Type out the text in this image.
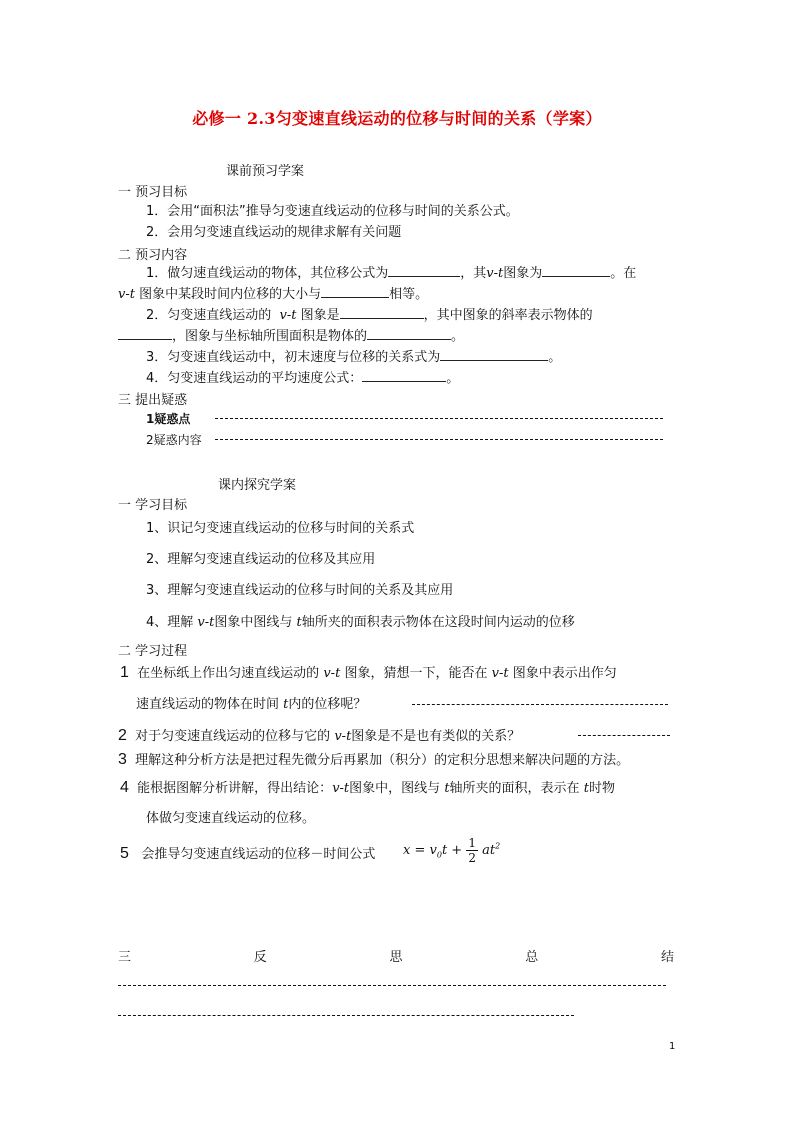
必修一 2.3匀变速直线运动的位移与时间的关系（学案）
课前预习学案
一 预习目标
1．会用“面积法”推导匀变速直线运动的位移与时间的关系公式。
2．会用匀变速直线运动的规律求解有关问题
二 预习内容
1．做匀速直线运动的物体，其位移公式为	，其v-t图象为	。在
v-t 图象中某段时间内位移的大小与	相等。
2．匀变速直线运动的 v-t 图象是	，其中图象的斜率表示物体的
，图象与坐标轴所围面积是物体的	。
3．匀变速直线运动中，初末速度与位移的关系式为	。
4．匀变速直线运动的平均速度公式：	。
三 提出疑惑
1疑惑点
2疑惑内容
课内探究学案
一 学习目标
1、识记匀变速直线运动的位移与时间的关系式
2、理解匀变速直线运动的位移及其应用
3、理解匀变速直线运动的位移与时间的关系及其应用
4、理解 v-t图象中图线与 t轴所夹的面积表示物体在这段时间内运动的位移
二 学习过程
1 在坐标纸上作出匀速直线运动的 v-t 图象，猜想一下，能否在 v-t 图象中表示出作匀
速直线运动的物体在时间 t内的位移呢？
2 对于匀变速直线运动的位移与它的 v-t图象是不是也有类似的关系？
3 理解这种分析方法是把过程先微分后再累加（积分）的定积分思想来解决问题的方法。
4 能根据图解分析讲解，得出结论：v-t图象中，图线与 t轴所夹的面积，表示在 t时物
体做匀变速直线运动的位移。
5 会推导匀变速直线运动的位移－时间公式 $x = v_0t + \frac{1}{2} at^2$
三	反	思	总	结
1
